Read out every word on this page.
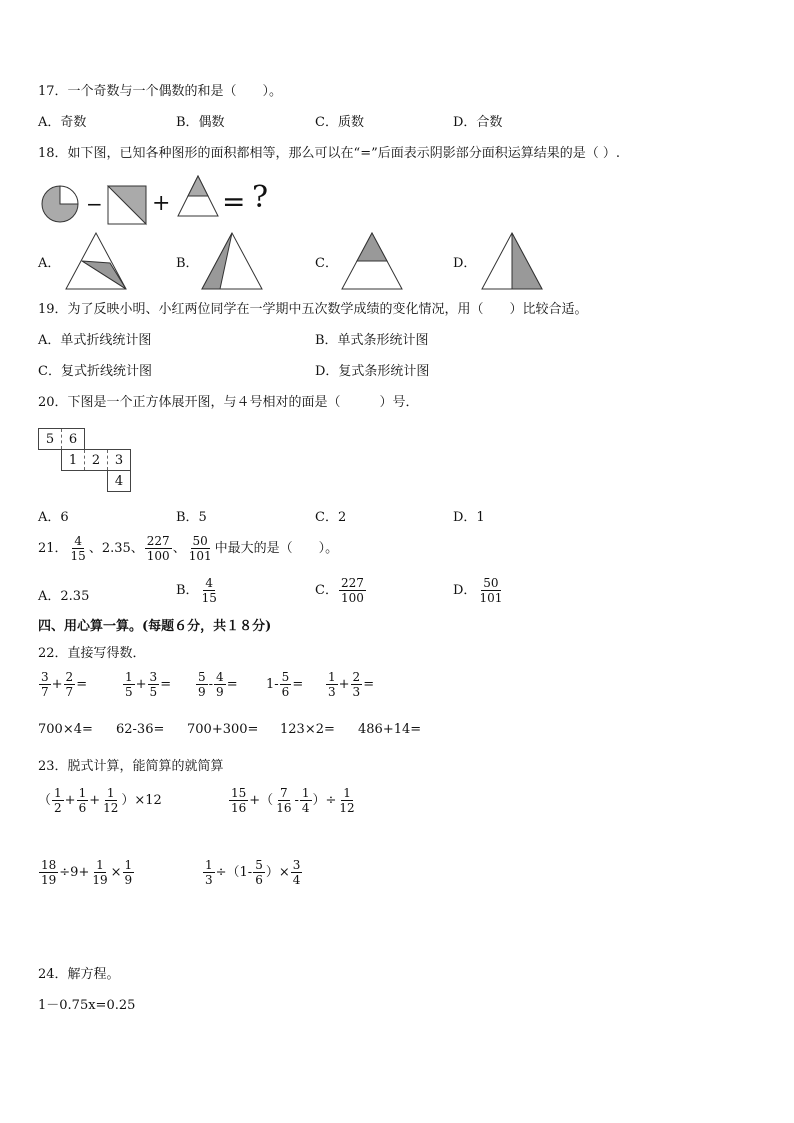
17．一个奇数与一个偶数的和是（　　）。
A．奇数	B．偶数	C．质数	D．合数
18．如下图，已知各种图形的面积都相等，那么可以在“=”后面表示阴影部分面积运算结果的是（ ）.
− + = ?
A．	B．	C．	D．
19．为了反映小明、小红两位同学在一学期中五次数学成绩的变化情况，用（　　）比较合适。
A．单式折线统计图	B．单式条形统计图
C．复式折线统计图	D．复式条形统计图
20．下图是一个正方体展开图，与４号相对的面是（　　　）号．
5	6		
	1	2	3
			4
A．6	B．5	C．2	D．1
21． $\frac{4}{15}$ 、2.35、 $\frac{227}{100}$ 、 $\frac{50}{101}$ 中最大的是（　　）。
A．2.35	B． $\frac{4}{15}$	C． $\frac{227}{100}$	D． $\frac{50}{101}$
四、用心算一算。(每题６分，共１８分)
22．直接写得数．
$\frac{3}{7} + \frac{2}{7}$ =	$\frac{1}{5} + \frac{3}{5} = \frac{5}{9} - \frac{4}{9} = 1- \frac{5}{6} = \frac{1}{3} + \frac{2}{3}$ =
700×4= 62-36= 700+300= 123×2= 486+14=
23．脱式计算，能简算的就简算
（ $\frac{1}{2} + \frac{1}{6} + \frac{1}{12} )\times 12$	$\frac{15}{16}$ +（ $\frac{7}{16} - \frac{1}{4}$ ）÷ $\frac{1}{12}$
$\frac{18}{19} \div 9+ \frac{1}{19} \times \frac{1}{9}$	$\frac{1}{3} \div(1- \frac{5}{6}$ ）× $\frac{3}{4}$
24．解方程。
1－0.75x=0.25
